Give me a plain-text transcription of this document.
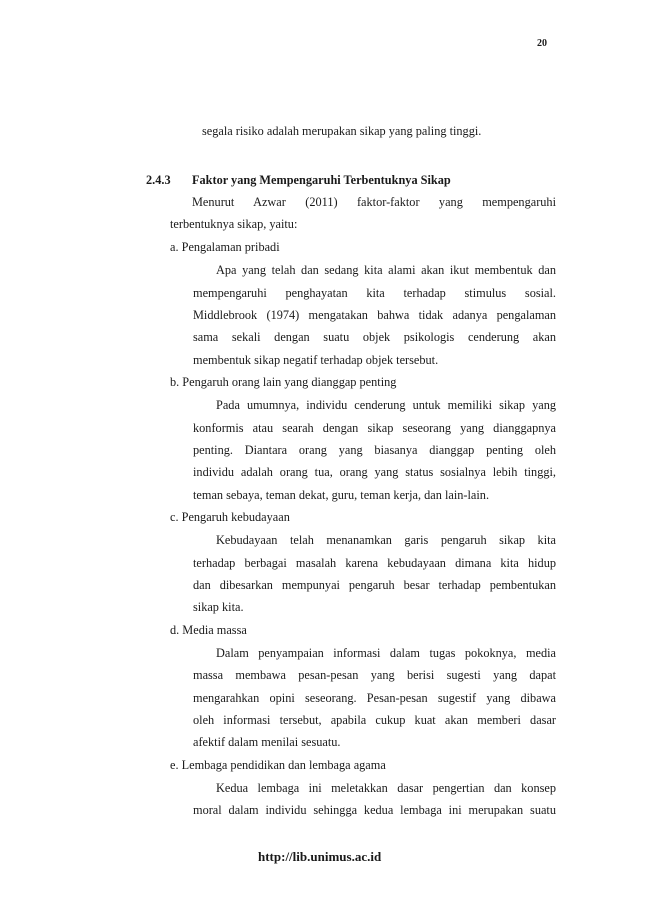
20
segala risiko adalah merupakan sikap yang paling tinggi.
2.4.3 Faktor yang Mempengaruhi Terbentuknya Sikap
Menurut Azwar (2011) faktor-faktor yang mempengaruhi
terbentuknya sikap, yaitu:
a. Pengalaman pribadi
Apa yang telah dan sedang kita alami akan ikut membentuk dan
mempengaruhi penghayatan kita terhadap stimulus sosial.
Middlebrook (1974) mengatakan bahwa tidak adanya pengalaman
sama sekali dengan suatu objek psikologis cenderung akan
membentuk sikap negatif terhadap objek tersebut.
b. Pengaruh orang lain yang dianggap penting
Pada umumnya, individu cenderung untuk memiliki sikap yang
konformis atau searah dengan sikap seseorang yang dianggapnya
penting. Diantara orang yang biasanya dianggap penting oleh
individu adalah orang tua, orang yang status sosialnya lebih tinggi,
teman sebaya, teman dekat, guru, teman kerja, dan lain-lain.
c. Pengaruh kebudayaan
Kebudayaan telah menanamkan garis pengaruh sikap kita
terhadap berbagai masalah karena kebudayaan dimana kita hidup
dan dibesarkan mempunyai pengaruh besar terhadap pembentukan
sikap kita.
d. Media massa
Dalam penyampaian informasi dalam tugas pokoknya, media
massa membawa pesan-pesan yang berisi sugesti yang dapat
mengarahkan opini seseorang. Pesan-pesan sugestif yang dibawa
oleh informasi tersebut, apabila cukup kuat akan memberi dasar
afektif dalam menilai sesuatu.
e. Lembaga pendidikan dan lembaga agama
Kedua lembaga ini meletakkan dasar pengertian dan konsep
moral dalam individu sehingga kedua lembaga ini merupakan suatu
http://lib.unimus.ac.id
